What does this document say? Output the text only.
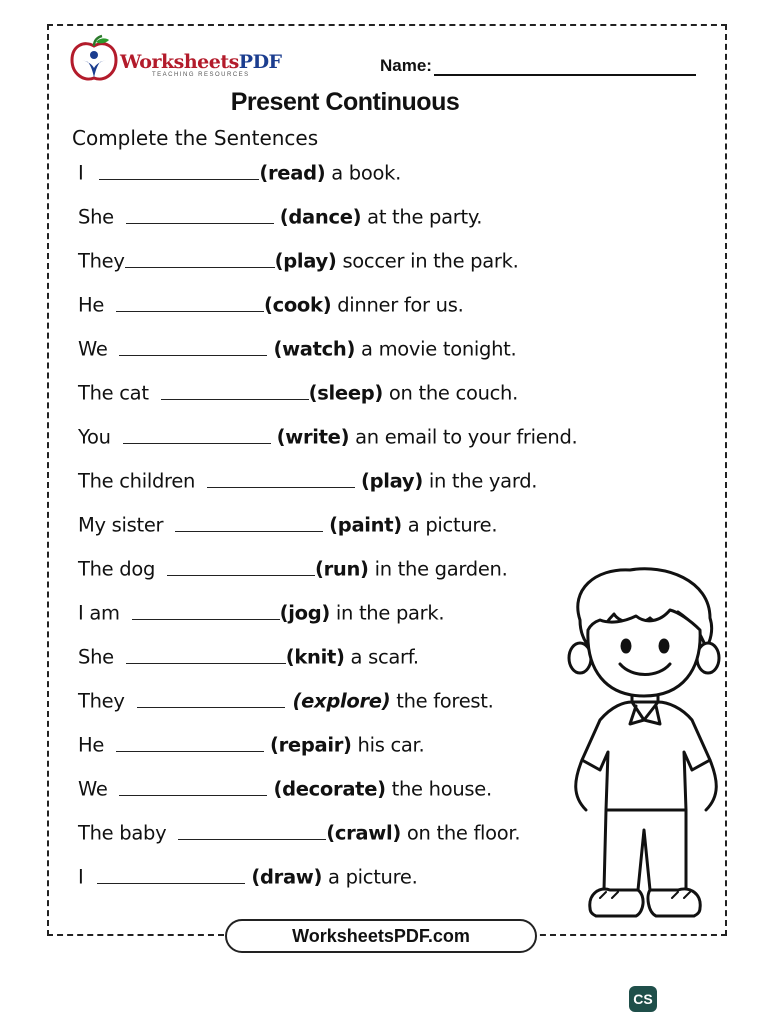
WorksheetsPDF
TEACHING RESOURCES	Name:
Present Continuous
Complete the Sentences
I	(read) a book.
She	(dance) at the party.
They	(play) soccer in the park.
He	(cook) dinner for us.
We	(watch) a movie tonight.
The cat	(sleep) on the couch.
You	(write) an email to your friend.
The children	(play) in the yard.
My sister	(paint) a picture.
The dog	(run) in the garden.
I am	(jog) in the park.
She	(knit) a scarf.
They	(explore) the forest.
He	(repair) his car.
We	(decorate) the house.
The baby	(crawl) on the floor.
I	(draw) a picture.
WorksheetsPDF.com
CS
